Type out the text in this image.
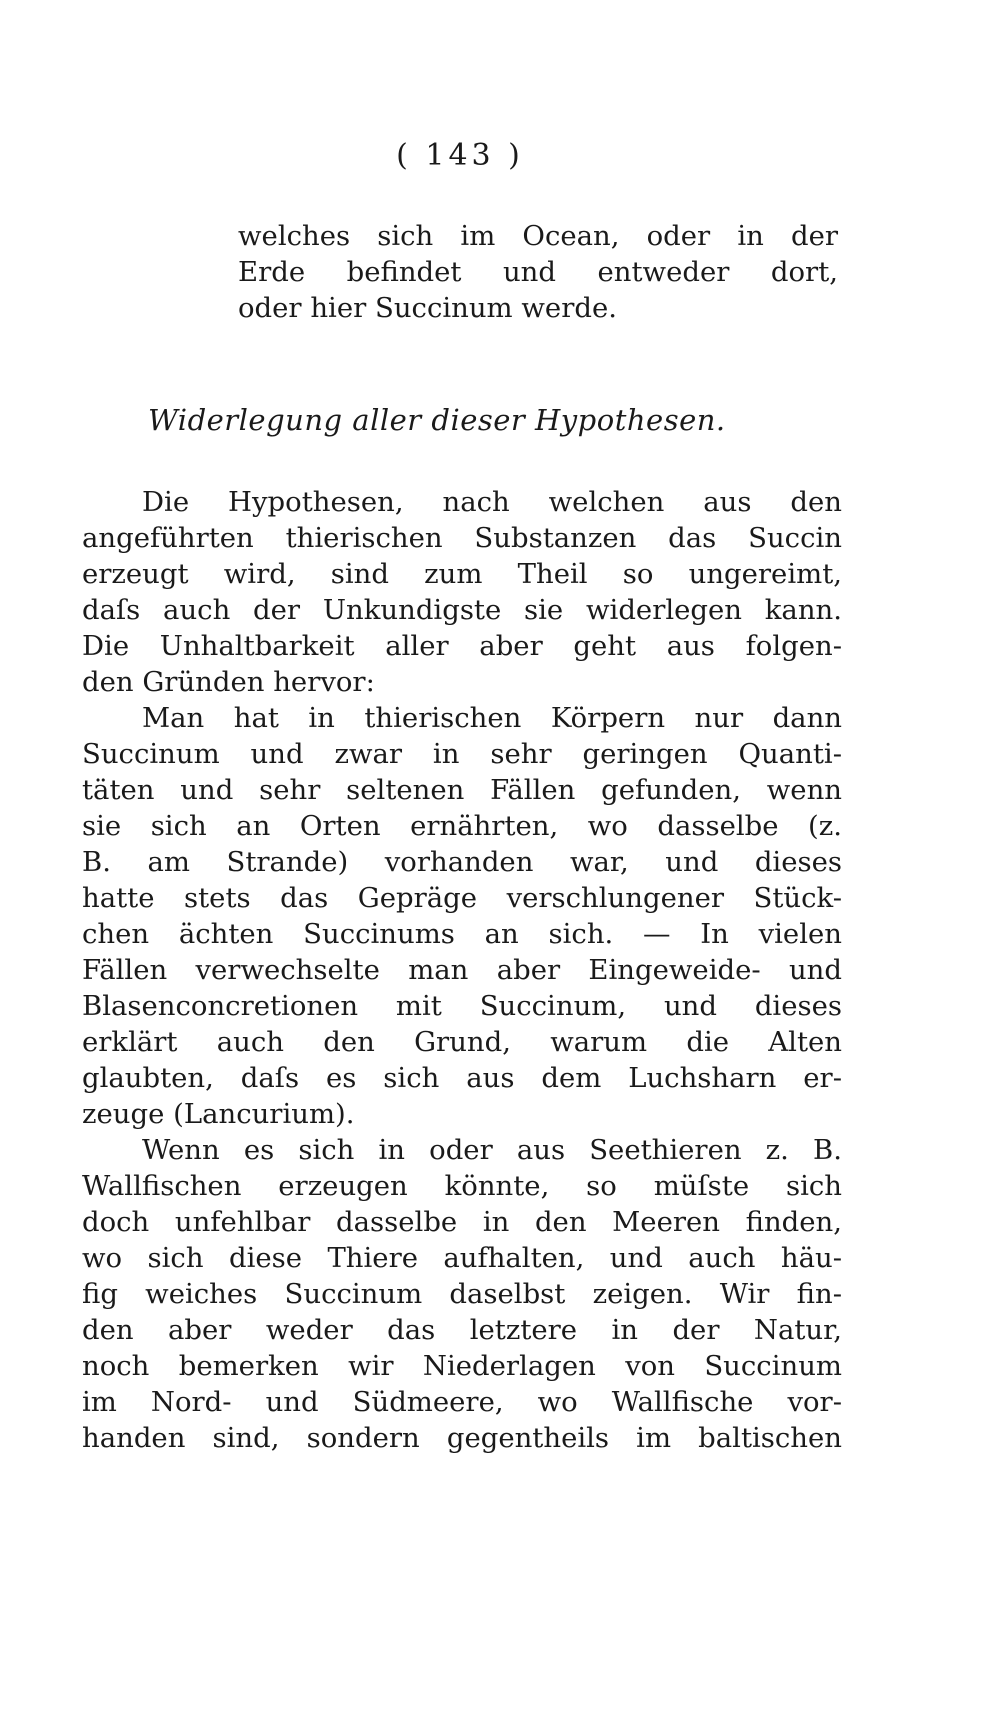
( 143 )
welches sich im Ocean, oder in der
Erde befindet und entweder dort,
oder hier Succinum werde.
Widerlegung aller dieser Hypothesen.

Die Hypothesen, nach welchen aus den
angeführten thierischen Substanzen das Succin
erzeugt wird, sind zum Theil so ungereimt,
daſs auch der Unkundigste sie widerlegen kann.
Die Unhaltbarkeit aller aber geht aus folgen-
den Gründen hervor:

Man hat in thierischen Körpern nur dann
Succinum und zwar in sehr geringen Quanti-
täten und sehr seltenen Fällen gefunden, wenn
sie sich an Orten ernährten, wo dasselbe (z.
B. am Strande) vorhanden war, und dieses
hatte stets das Gepräge verschlungener Stück-
chen ächten Succinums an sich. — In vielen
Fällen verwechselte man aber Eingeweide- und
Blasenconcretionen mit Succinum, und dieses
erklärt auch den Grund, warum die Alten
glaubten, daſs es sich aus dem Luchsharn er-
zeuge (Lancurium).

Wenn es sich in oder aus Seethieren z. B.
Wallfischen erzeugen könnte, so müſste sich
doch unfehlbar dasselbe in den Meeren finden,
wo sich diese Thiere aufhalten, und auch häu-
fig weiches Succinum daselbst zeigen. Wir fin-
den aber weder das letztere in der Natur,
noch bemerken wir Niederlagen von Succinum
im Nord- und Südmeere, wo Wallfische vor-
handen sind, sondern gegentheils im baltischen
